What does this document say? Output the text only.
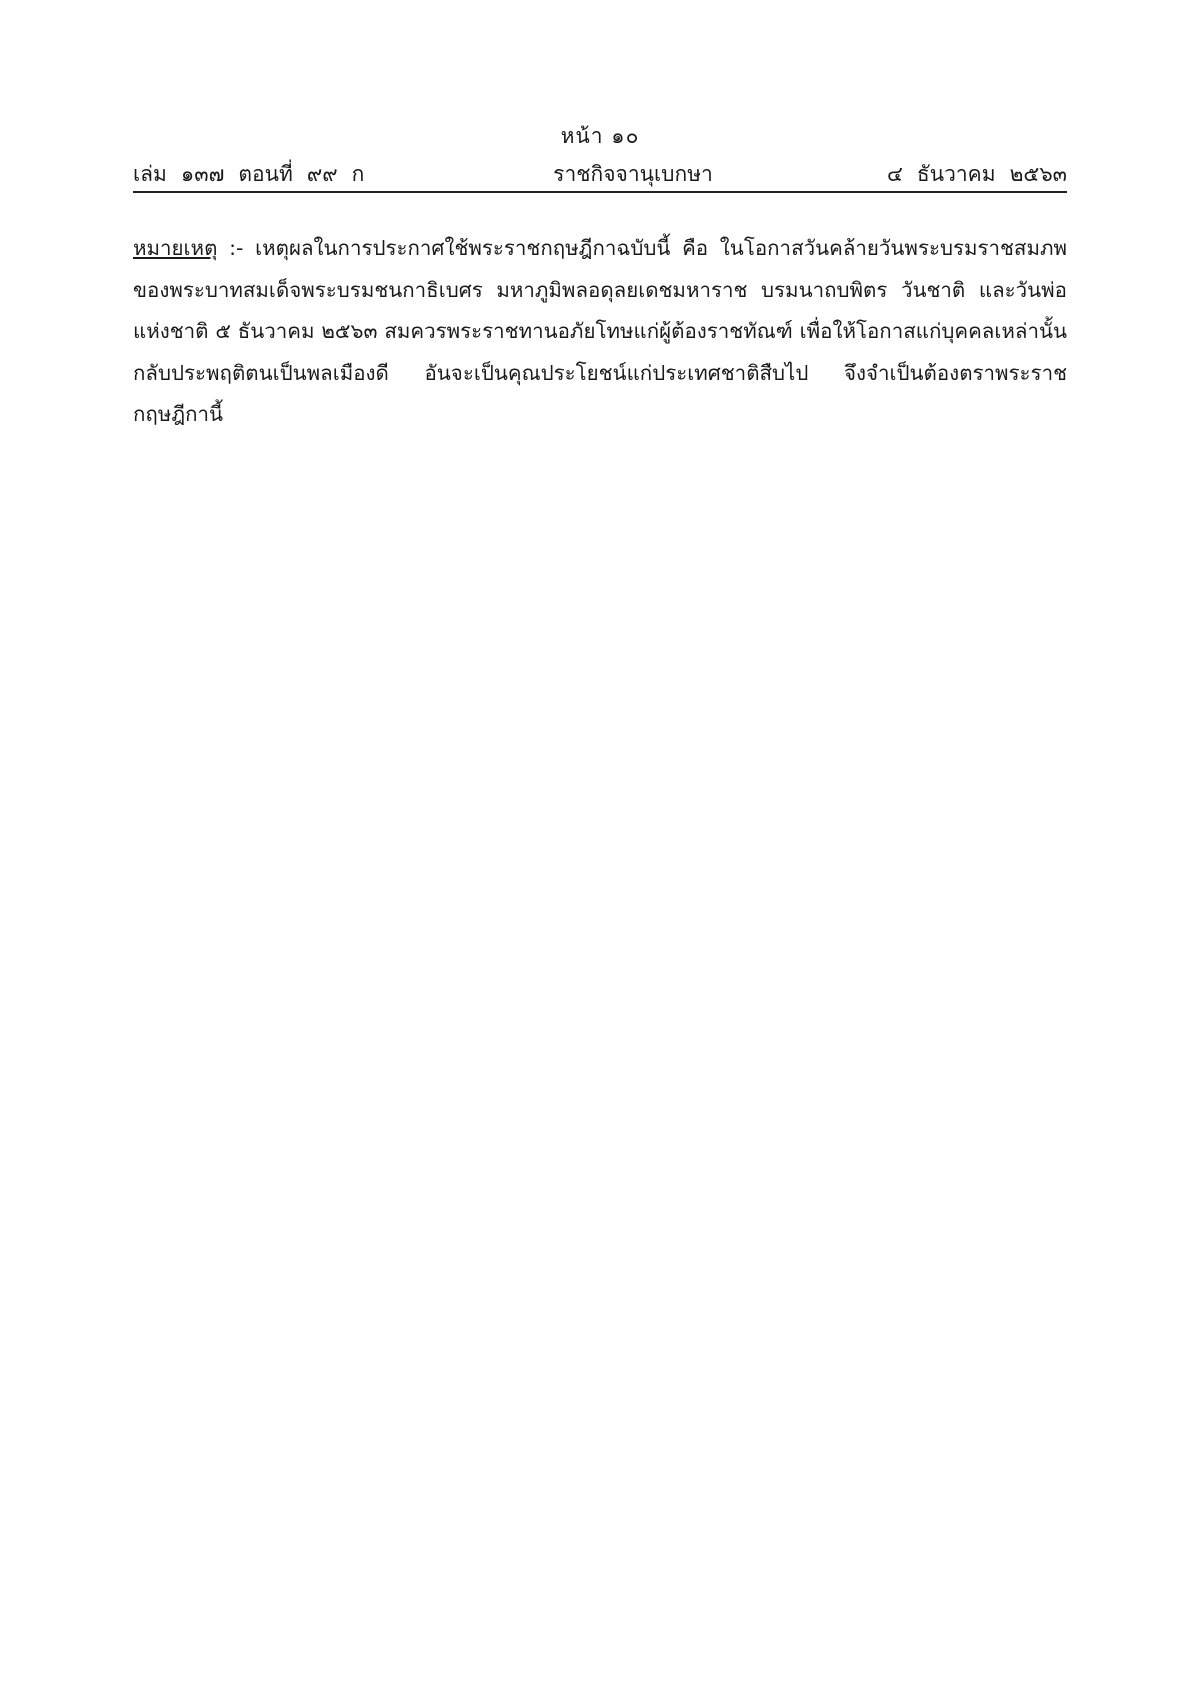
หน้า ๑๐
เล่ม ๑๓๗ ตอนที่ ๙๙ ก	ราชกิจจานุเบกษา	๔ ธันวาคม ๒๕๖๓
หมายเหตุ :- เหตุผลในการประกาศใช้พระราชกฤษฎีกาฉบับนี้ คือ ในโอกาสวันคล้ายวันพระบรมราชสมภพของพระบาทสมเด็จพระบรมชนกาธิเบศร มหาภูมิพลอดุลยเดชมหาราช บรมนาถบพิตร วันชาติ และวันพ่อแห่งชาติ ๕ ธันวาคม ๒๕๖๓ สมควรพระราชทานอภัยโทษแก่ผู้ต้องราชทัณฑ์ เพื่อให้โอกาสแก่บุคคลเหล่านั้นกลับประพฤติตนเป็นพลเมืองดี อันจะเป็นคุณประโยชน์แก่ประเทศชาติสืบไป จึงจำเป็นต้องตราพระราชกฤษฎีกานี้
